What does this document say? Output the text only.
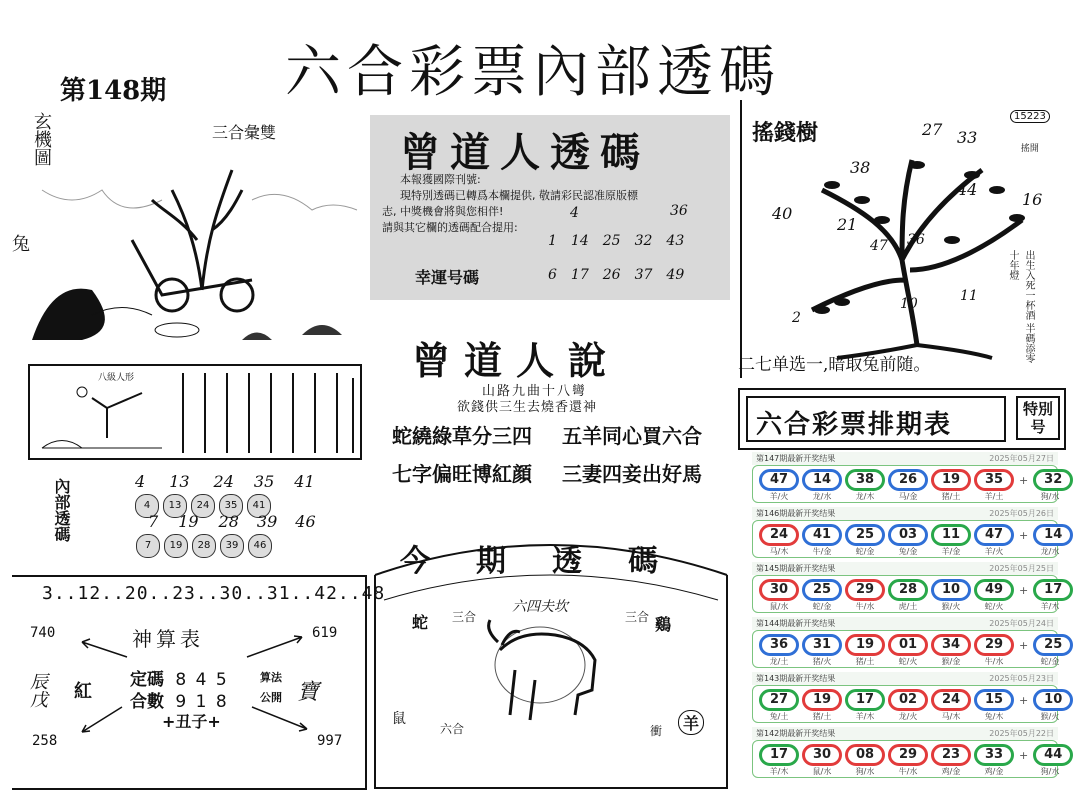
六合彩票內部透碼
第148期
玄機圖	三合彙雙
兔
八級人形
內部透碼	4 13 24 35 41
4 13 24 35 41
7 19 28 39 46
7 19 28 39 46
3..12..20..23..30..31..42..48
神算表
740	619
258	997
辰戊 紅	寶
定碼 8 4 5
合數 9 1 8
算法
公開
+丑子+
曾道人透碼
本報獲國際刊號:
現特別透碼已轉爲本欄提供, 敬請彩民認准原版標
志, 中獎機會將與您相伴!
請與其它欄的透碼配合提用:
4	36
1 14 25 32 43
6 17 26 37 49
幸運号碼
曾道人說
山路九曲十八彎
欲錢供三生去燒香還神
蛇繞綠草分三四 五羊同心買六合
七字偏旺博紅顔 三妻四妾出好馬
今期透碼
蛇 三合
六四夫坎
三合 鷄
鼠
六合	衝	羊
搖錢樹
15223
搖開
27 33
38
44
16
40
21
47 36
10	11
2	出生入死一杯酒 半碼添零十年燈
二七单选一,暗取兔前随。
六合彩票排期表
特別号
第147期最新开奖结果	2025年05月27日
47	14	38	26	19	35	+	32
羊/火	龙/水	龙/木	马/金	猪/土	羊/土	狗/水
第146期最新开奖结果	2025年05月26日
24	41	25	03	11	47	+	14
马/木	牛/金	蛇/金	兔/金	羊/金	羊/火	龙/水
第145期最新开奖结果	2025年05月25日
30	25	29	28	10	49	+	17
鼠/水	蛇/金	牛/水	虎/土	猴/火	蛇/火	羊/木
第144期最新开奖结果	2025年05月24日
36	31	19	01	34	29	+	25
龙/土	猪/火	猪/土	蛇/火	猴/金	牛/水	蛇/金
第143期最新开奖结果	2025年05月23日
27	19	17	02	24	15	+	10
兔/土	猪/土	羊/木	龙/火	马/木	兔/木	猴/火
第142期最新开奖结果	2025年05月22日
17	30	08	29	23	33	+	44
羊/木	鼠/水	狗/水	牛/水	鸡/金	鸡/金	狗/水
